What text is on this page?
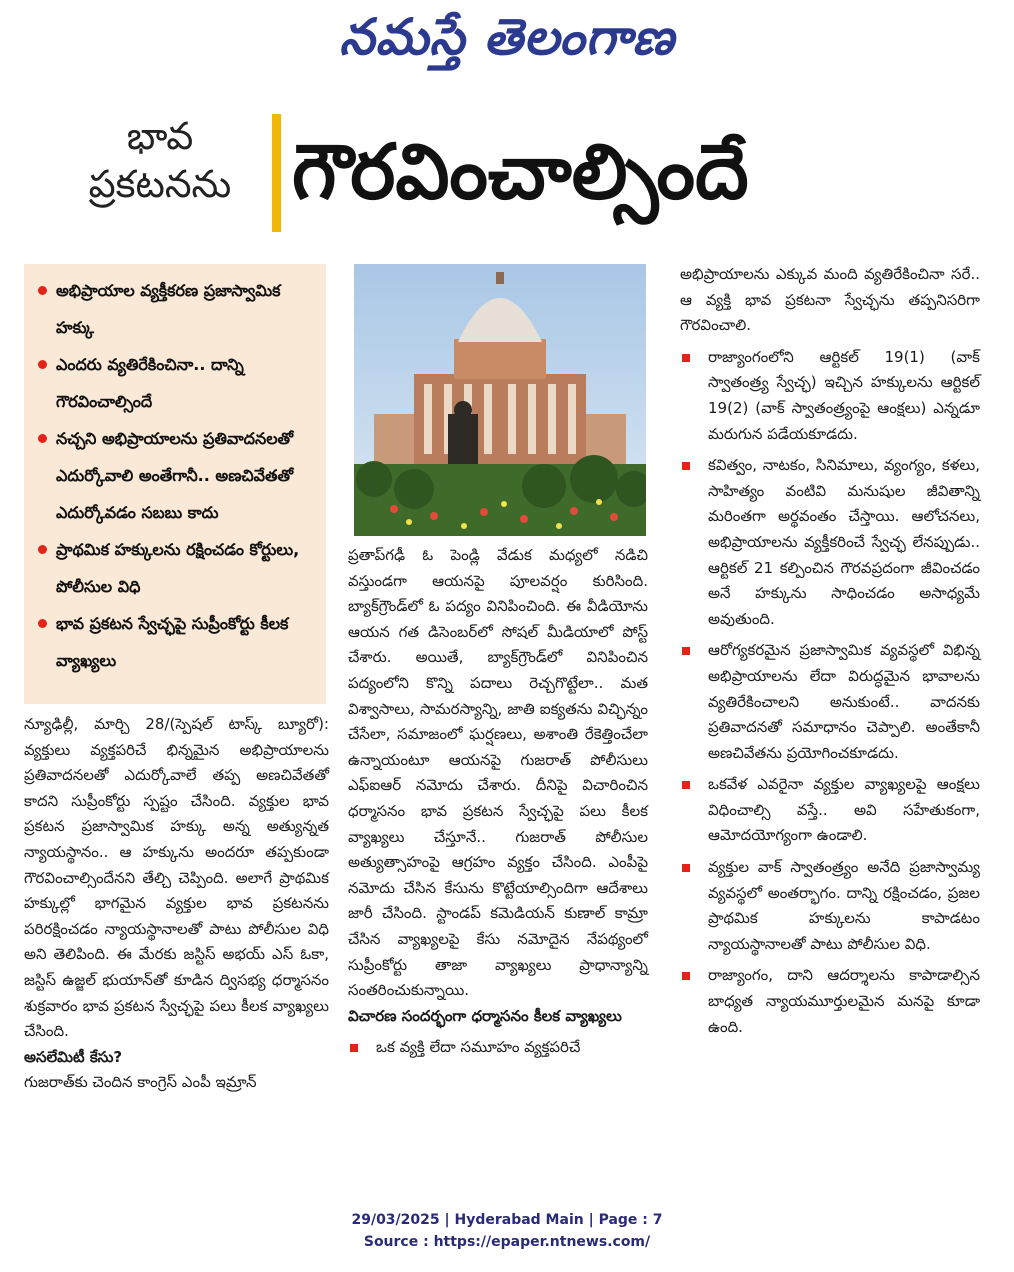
నమస్తే తెలంగాణ
భావ ప్రకటనను గౌరవించాల్సిందే
అభిప్రాయాల వ్యక్తీకరణ ప్రజాస్వామిక హక్కు
ఎందరు వ్యతిరేకించినా.. దాన్ని గౌరవించాల్సిందే
నచ్చని అభిప్రాయాలను ప్రతివాదనలతో ఎదుర్కోవాలి అంతేగానీ.. అణచివేతతో ఎదుర్కోవడం సబబు కాదు
ప్రాథమిక హక్కులను రక్షించడం కోర్టులు, పోలీసుల విధి
భావ ప్రకటన స్వేచ్ఛపై సుప్రీంకోర్టు కీలక వ్యాఖ్యలు

న్యూఢిల్లీ, మార్చి 28/(స్పెషల్ టాస్క్ బ్యూరో): వ్యక్తులు వ్యక్తపరిచే భిన్నమైన అభిప్రాయాలను ప్రతివాదనలతో ఎదుర్కోవాలే తప్ప అణచివేతతో కాదని సుప్రీంకోర్టు స్పష్టం చేసింది. వ్యక్తుల భావ ప్రకటన ప్రజాస్వామిక హక్కు అన్న అత్యున్నత న్యాయస్థానం.. ఆ హక్కును అందరూ తప్పకుండా గౌరవించాల్సిందేనని తేల్చి చెప్పింది. అలాగే ప్రాథమిక హక్కుల్లో భాగమైన వ్యక్తుల భావ ప్రకటనను పరిరక్షించడం న్యాయస్థానాలతో పాటు పోలీసుల విధి అని తెలిపింది. ఈ మేరకు జస్టిస్ అభయ్ ఎస్ ఓకా, జస్టిస్ ఉజ్జల్ భుయాన్‌తో కూడిన ద్విసభ్య ధర్మాసనం శుక్రవారం భావ ప్రకటన స్వేచ్ఛపై పలు కీలక వ్యాఖ్యలు చేసింది.

అసలేమిటీ కేసు?

గుజరాత్‌కు చెందిన కాంగ్రెస్ ఎంపీ ఇమ్రాన్

ప్రతాప్‌గఢీ ఓ పెండ్లి వేడుక మధ్యలో నడిచి వస్తుండగా ఆయనపై పూలవర్షం కురిసింది. బ్యాక్‌గ్రౌండ్‌లో ఓ పద్యం వినిపించింది. ఈ వీడియోను ఆయన గత డిసెంబర్‌లో సోషల్ మీడియాలో పోస్ట్ చేశారు. అయితే, బ్యాక్‌గ్రౌండ్‌లో వినిపించిన పద్యంలోని కొన్ని పదాలు రెచ్చగొట్టేలా.. మత విశ్వాసాలు, సామరస్యాన్ని, జాతి ఐక్యతను విచ్ఛిన్నం చేసేలా, సమాజంలో ఘర్షణలు, అశాంతి రేకెత్తించేలా ఉన్నాయంటూ ఆయనపై గుజరాత్ పోలీసులు ఎఫ్ఐఆర్ నమోదు చేశారు. దీనిపై విచారించిన ధర్మాసనం భావ ప్రకటన స్వేచ్ఛపై పలు కీలక వ్యాఖ్యలు చేస్తూనే.. గుజరాత్ పోలీసుల అత్యుత్సాహంపై ఆగ్రహం వ్యక్తం చేసింది. ఎంపీపై నమోదు చేసిన కేసును కొట్టేయాల్సిందిగా ఆదేశాలు జారీ చేసింది. స్టాండప్ కమెడియన్ కుణాల్ కామ్రా చేసిన వ్యాఖ్యలపై కేసు నమోదైన నేపథ్యంలో సుప్రీంకోర్టు తాజా వ్యాఖ్యలు ప్రాధాన్యాన్ని సంతరించుకున్నాయి.

విచారణ సందర్భంగా ధర్మాసనం కీలక వ్యాఖ్యలు

ఒక వ్యక్తి లేదా సమూహం వ్యక్తపరిచే

అభిప్రాయాలను ఎక్కువ మంది వ్యతిరేకించినా సరే.. ఆ వ్యక్తి భావ ప్రకటనా స్వేచ్ఛను తప్పనిసరిగా గౌరవించాలి.

రాజ్యాంగంలోని ఆర్టికల్ 19(1) (వాక్ స్వాతంత్ర్య స్వేచ్ఛ) ఇచ్చిన హక్కులను ఆర్టికల్ 19(2) (వాక్ స్వాతంత్ర్యంపై ఆంక్షలు) ఎన్నడూ మరుగున పడేయకూడదు.

కవిత్వం, నాటకం, సినిమాలు, వ్యంగ్యం, కళలు, సాహిత్యం వంటివి మనుషుల జీవితాన్ని మరింతగా అర్థవంతం చేస్తాయి. ఆలోచనలు, అభిప్రాయాలను వ్యక్తీకరించే స్వేచ్ఛ లేనప్పుడు.. ఆర్టికల్ 21 కల్పించిన గౌరవప్రదంగా జీవించడం అనే హక్కును సాధించడం అసాధ్యమే అవుతుంది.

ఆరోగ్యకరమైన ప్రజాస్వామిక వ్యవస్థలో విభిన్న అభిప్రాయాలను లేదా విరుద్ధమైన భావాలను వ్యతిరేకించాలని అనుకుంటే.. వాదనకు ప్రతివాదనతో సమాధానం చెప్పాలి. అంతేకానీ అణచివేతను ప్రయోగించకూడదు.

ఒకవేళ ఎవరైనా వ్యక్తుల వ్యాఖ్యలపై ఆంక్షలు విధించాల్సి వస్తే.. అవి సహేతుకంగా, ఆమోదయోగ్యంగా ఉండాలి.

వ్యక్తుల వాక్ స్వాతంత్ర్యం అనేది ప్రజాస్వామ్య వ్యవస్థలో అంతర్భాగం. దాన్ని రక్షించడం, ప్రజల ప్రాథమిక హక్కులను కాపాడటం న్యాయస్థానాలతో పాటు పోలీసుల విధి.

రాజ్యాంగం, దాని ఆదర్శాలను కాపాడాల్సిన బాధ్యత న్యాయమూర్తులమైన మనపై కూడా ఉంది.

29/03/2025 | Hyderabad Main | Page : 7
Source : https://epaper.ntnews.com/
